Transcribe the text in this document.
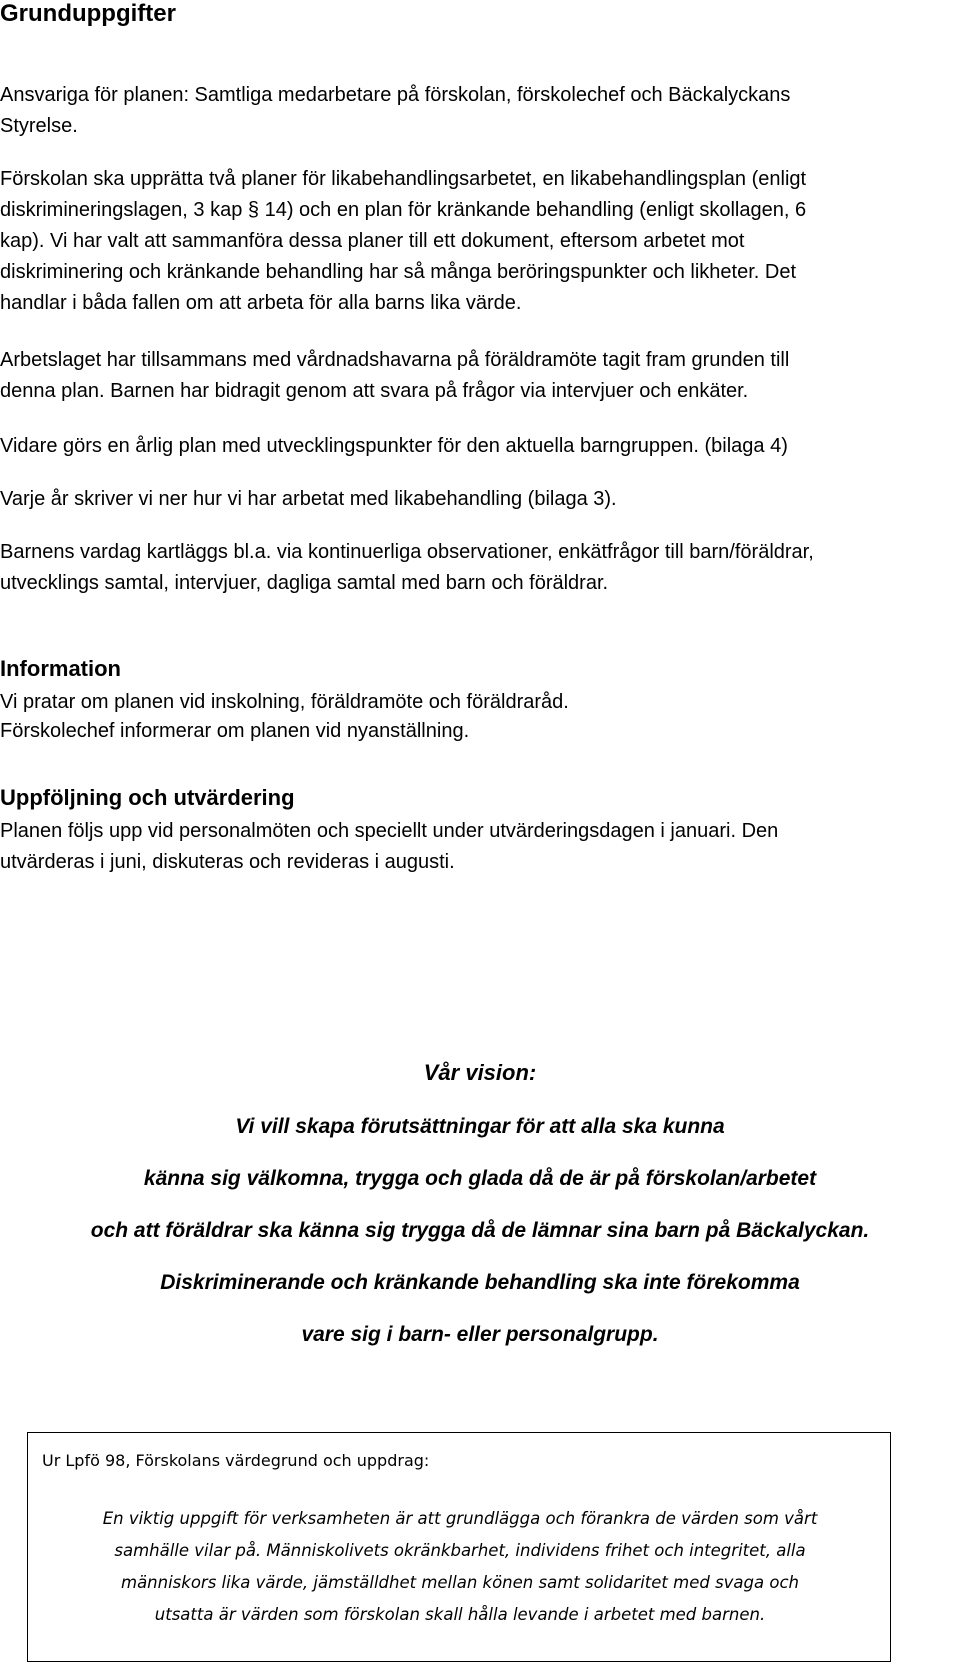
Grunduppgifter

Ansvariga för planen: Samtliga medarbetare på förskolan, förskolechef och Bäckalyckans

Styrelse.

Förskolan ska upprätta två planer för likabehandlingsarbetet, en likabehandlingsplan (enligt

diskrimineringslagen, 3 kap § 14) och en plan för kränkande behandling (enligt skollagen, 6

kap). Vi har valt att sammanföra dessa planer till ett dokument, eftersom arbetet mot

diskriminering och kränkande behandling har så många beröringspunkter och likheter. Det

handlar i båda fallen om att arbeta för alla barns lika värde.

Arbetslaget har tillsammans med vårdnadshavarna på föräldramöte tagit fram grunden till

denna plan. Barnen har bidragit genom att svara på frågor via intervjuer och enkäter.

Vidare görs en årlig plan med utvecklingspunkter för den aktuella barngruppen. (bilaga 4)

Varje år skriver vi ner hur vi har arbetat med likabehandling (bilaga 3).

Barnens vardag kartläggs bl.a. via kontinuerliga observationer, enkätfrågor till barn/föräldrar,

utvecklings samtal, intervjuer, dagliga samtal med barn och föräldrar.

Information

Vi pratar om planen vid inskolning, föräldramöte och föräldraråd.

Förskolechef informerar om planen vid nyanställning.

Uppföljning och utvärdering

Planen följs upp vid personalmöten och speciellt under utvärderingsdagen i januari. Den

utvärderas i juni, diskuteras och revideras i augusti.

Vår vision:

Vi vill skapa förutsättningar för att alla ska kunna

känna sig välkomna, trygga och glada då de är på förskolan/arbetet

och att föräldrar ska känna sig trygga då de lämnar sina barn på Bäckalyckan.

Diskriminerande och kränkande behandling ska inte förekomma

vare sig i barn- eller personalgrupp.

Ur Lpfö 98, Förskolans värdegrund och uppdrag:

En viktig uppgift för verksamheten är att grundlägga och förankra de värden som vårt

samhälle vilar på. Människolivets okränkbarhet, individens frihet och integritet, alla

människors lika värde, jämställdhet mellan könen samt solidaritet med svaga och

utsatta är värden som förskolan skall hålla levande i arbetet med barnen.
